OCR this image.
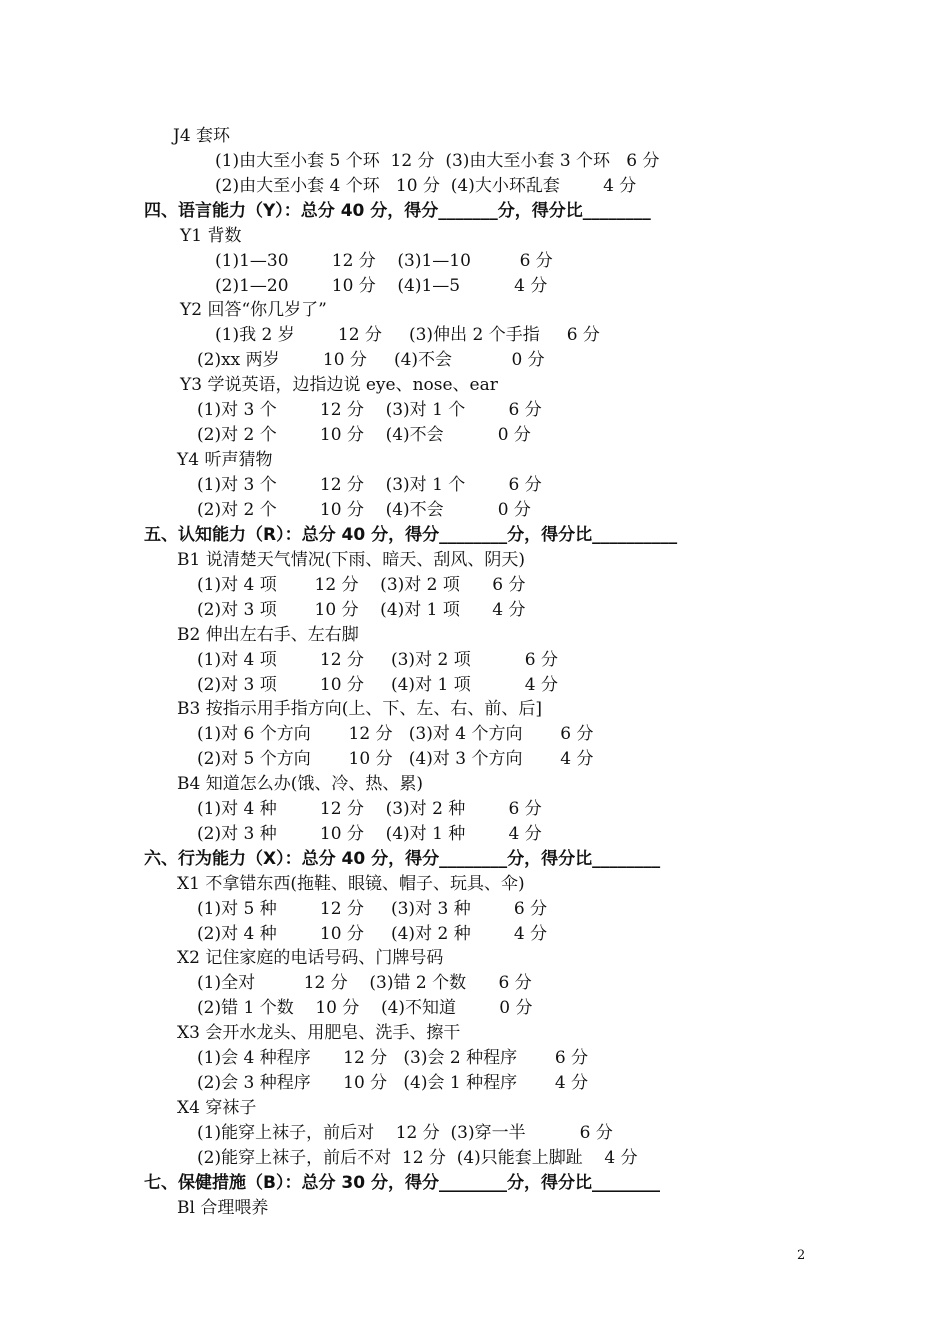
J4 套环
(1)由大至小套 5 个环  12 分  (3)由大至小套 3 个环   6 分
(2)由大至小套 4 个环   10 分  (4)大小环乱套        4 分
四、语言能力（Y）：总分 40 分，得分_______分，得分比________
Y1 背数
(1)1—30        12 分    (3)1—10         6 分
(2)1—20        10 分    (4)1—5          4 分
Y2 回答“你几岁了”
(1)我 2 岁        12 分     (3)伸出 2 个手指     6 分
(2)xx 两岁        10 分     (4)不会           0 分
Y3 学说英语，边指边说 eye、nose、ear
(1)对 3 个        12 分    (3)对 1 个        6 分
(2)对 2 个        10 分    (4)不会          0 分
Y4 听声猜物
(1)对 3 个        12 分    (3)对 1 个        6 分
(2)对 2 个        10 分    (4)不会          0 分
五、认知能力（R）：总分 40 分，得分________分，得分比__________
B1 说清楚天气情况(下雨、暗天、刮风、阴天)
(1)对 4 项       12 分    (3)对 2 项      6 分
(2)对 3 项       10 分    (4)对 1 项      4 分
B2 伸出左右手、左右脚
(1)对 4 项        12 分     (3)对 2 项          6 分
(2)对 3 项        10 分     (4)对 1 项          4 分
B3 按指示用手指方向(上、下、左、右、前、后]
(1)对 6 个方向       12 分   (3)对 4 个方向       6 分
(2)对 5 个方向       10 分   (4)对 3 个方向       4 分
B4 知道怎么办(饿、冷、热、累)
(1)对 4 种        12 分    (3)对 2 种        6 分
(2)对 3 种        10 分    (4)对 1 种        4 分
六、行为能力（X）：总分 40 分，得分________分，得分比________
X1 不拿错东西(拖鞋、眼镜、帽子、玩具、伞)
(1)对 5 种        12 分     (3)对 3 种        6 分
(2)对 4 种        10 分     (4)对 2 种        4 分
X2 记住家庭的电话号码、门牌号码
(1)全对         12 分    (3)错 2 个数      6 分
(2)错 1 个数    10 分    (4)不知道        0 分
X3 会开水龙头、用肥皂、洗手、擦干
(1)会 4 种程序      12 分   (3)会 2 种程序       6 分
(2)会 3 种程序      10 分   (4)会 1 种程序       4 分
X4 穿袜子
(1)能穿上袜子，前后对    12 分  (3)穿一半          6 分
(2)能穿上袜子，前后不对  12 分  (4)只能套上脚趾    4 分
七、保健措施（B）：总分 30 分，得分________分，得分比________
Bl 合理喂养
2
